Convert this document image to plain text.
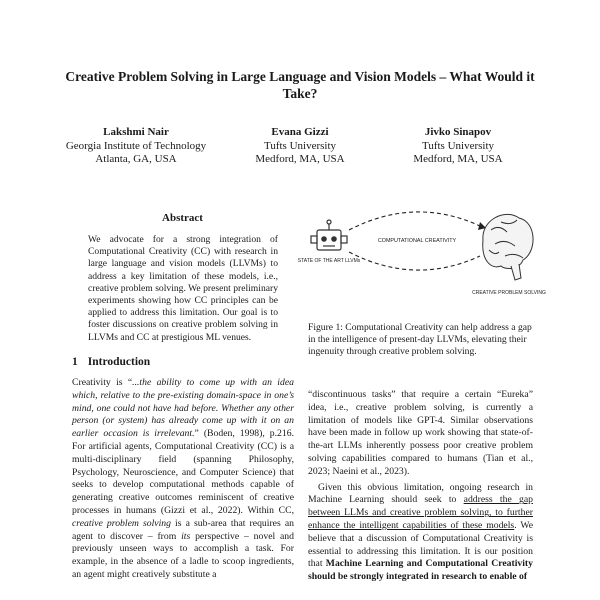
Creative Problem Solving in Large Language and Vision Models – What Would it Take?
Lakshmi Nair
Georgia Institute of Technology
Atlanta, GA, USA
Evana Gizzi
Tufts University
Medford, MA, USA
Jivko Sinapov
Tufts University
Medford, MA, USA
Abstract
We advocate for a strong integration of Computational Creativity (CC) with research in large language and vision models (LLVMs) to address a key limitation of these models, i.e., creative problem solving. We present preliminary experiments showing how CC principles can be applied to address this limitation. Our goal is to foster discussions on creative problem solving in LLVMs and CC at prestigious ML venues.
1 Introduction

Creativity is “...the ability to come up with an idea which, relative to the pre-existing domain-space in one’s mind, one could not have had before. Whether any other person (or system) has already come up with it on an earlier occasion is irrelevant.” (Boden, 1998), p.216. For artificial agents, Computational Creativity (CC) is a multi-disciplinary field (spanning Philosophy, Psychology, Neuroscience, and Computer Science) that seeks to develop computational methods capable of generating creative outcomes reminiscent of creative processes in humans (Gizzi et al., 2022). Within CC, creative problem solving is a sub-area that requires an agent to discover – from its perspective – novel and previously unseen ways to accomplish a task. For example, in the absence of a ladle to scoop ingredients, an agent might creatively substitute a

COMPUTATIONAL CREATIVITY
STATE OF THE ART LLVMs
CREATIVE PROBLEM SOLVING
Figure 1: Computational Creativity can help address a gap in the intelligence of present-day LLVMs, elevating their ingenuity through creative problem solving.

“discontinuous tasks” that require a certain “Eureka” idea, i.e., creative problem solving, is currently a limitation of models like GPT-4. Similar observations have been made in follow up work showing that state-of-the-art LLMs inherently possess poor creative problem solving capabilities compared to humans (Tian et al., 2023; Naeini et al., 2023).

Given this obvious limitation, ongoing research in Machine Learning should seek to address the gap between LLMs and creative problem solving, to further enhance the intelligent capabilities of these models. We believe that a discussion of Computational Creativity is essential to addressing this limitation. It is our position that Machine Learning and Computational Creativity should be strongly integrated in research to enable of
